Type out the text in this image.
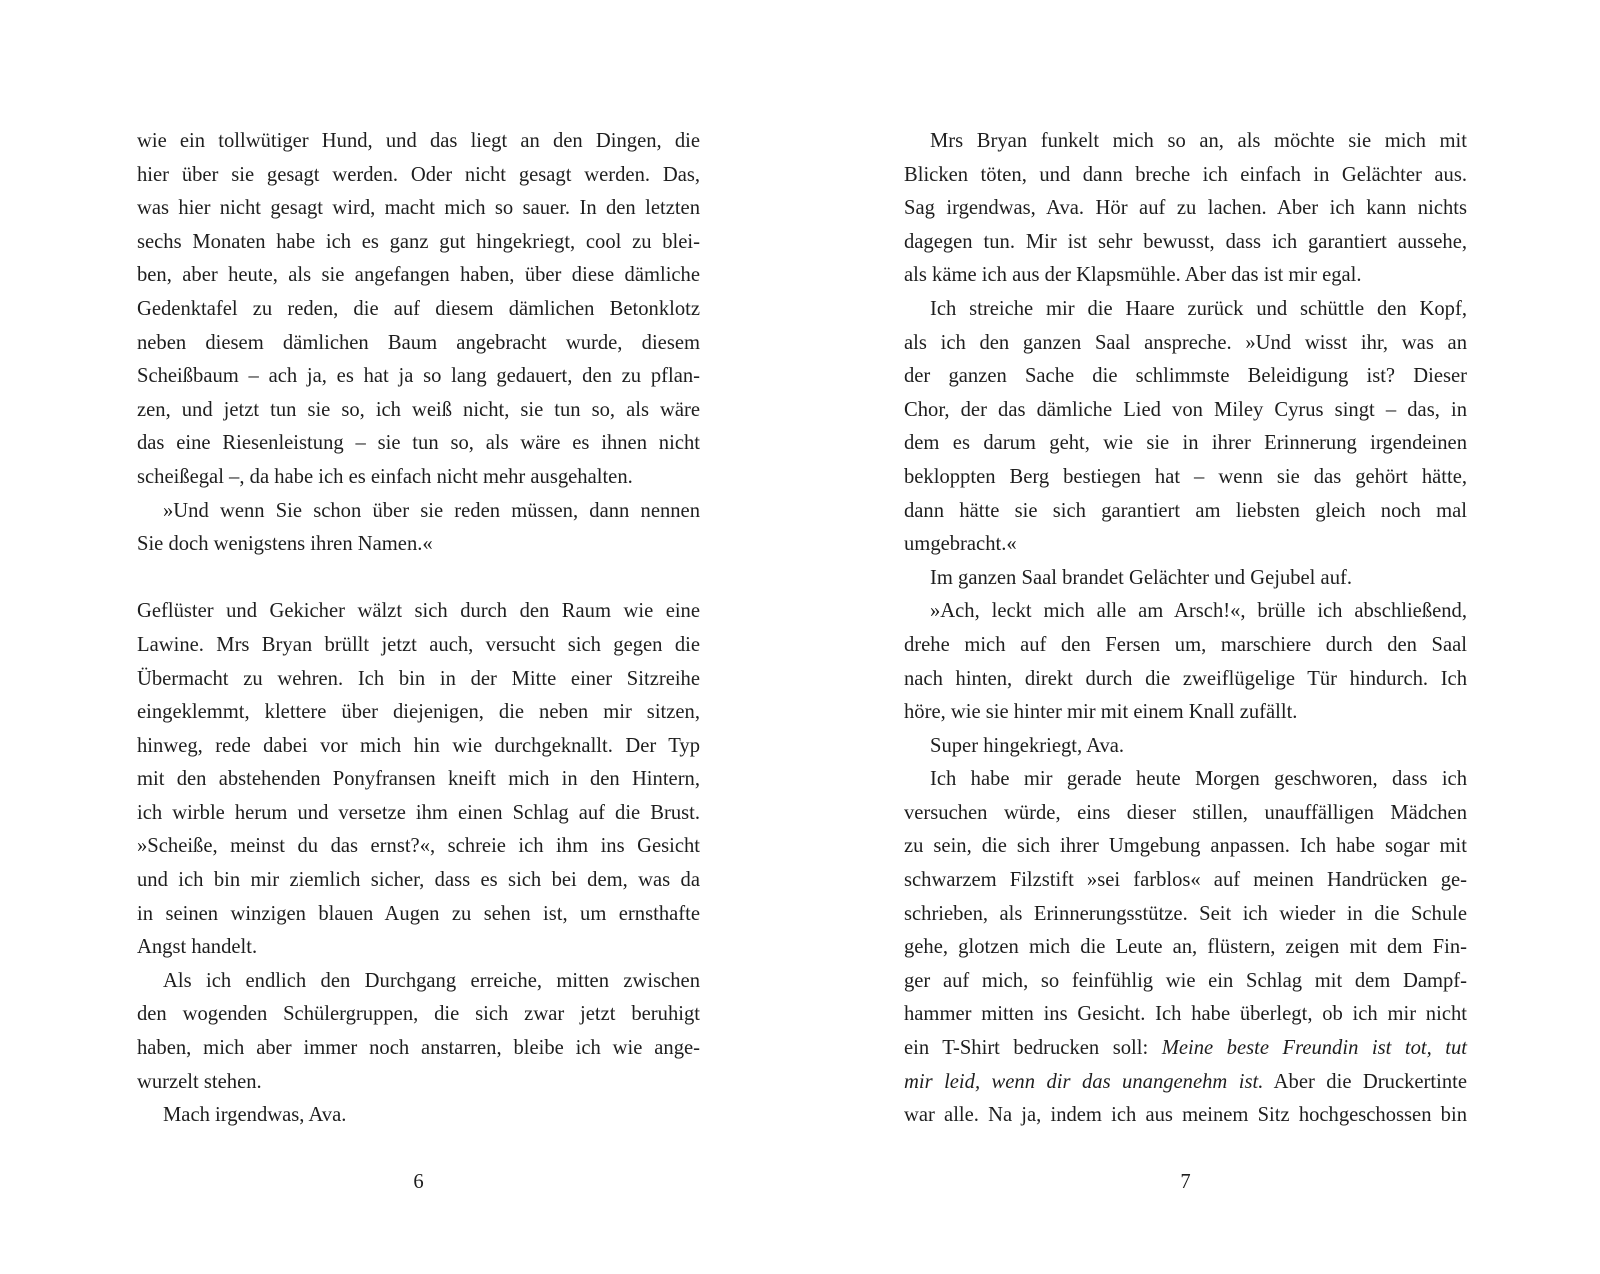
wie ein tollwütiger Hund, und das liegt an den Dingen, die
hier über sie gesagt werden. Oder nicht gesagt werden. Das,
was hier nicht gesagt wird, macht mich so sauer. In den letzten
sechs Monaten habe ich es ganz gut hingekriegt, cool zu blei-
ben, aber heute, als sie angefangen haben, über diese dämliche
Gedenktafel zu reden, die auf diesem dämlichen Betonklotz
neben diesem dämlichen Baum angebracht wurde, diesem
Scheißbaum – ach ja, es hat ja so lang gedauert, den zu pflan-
zen, und jetzt tun sie so, ich weiß nicht, sie tun so, als wäre
das eine Riesenleistung – sie tun so, als wäre es ihnen nicht
scheißegal –, da habe ich es einfach nicht mehr ausgehalten.
»Und wenn Sie schon über sie reden müssen, dann nennen
Sie doch wenigstens ihren Namen.«
Geflüster und Gekicher wälzt sich durch den Raum wie eine
Lawine. Mrs Bryan brüllt jetzt auch, versucht sich gegen die
Übermacht zu wehren. Ich bin in der Mitte einer Sitzreihe
eingeklemmt, klettere über diejenigen, die neben mir sitzen,
hinweg, rede dabei vor mich hin wie durchgeknallt. Der Typ
mit den abstehenden Ponyfransen kneift mich in den Hintern,
ich wirble herum und versetze ihm einen Schlag auf die Brust.
»Scheiße, meinst du das ernst?«, schreie ich ihm ins Gesicht
und ich bin mir ziemlich sicher, dass es sich bei dem, was da
in seinen winzigen blauen Augen zu sehen ist, um ernsthafte
Angst handelt.
Als ich endlich den Durchgang erreiche, mitten zwischen
den wogenden Schülergruppen, die sich zwar jetzt beruhigt
haben, mich aber immer noch anstarren, bleibe ich wie ange-
wurzelt stehen.
Mach irgendwas, Ava.
6
Mrs Bryan funkelt mich so an, als möchte sie mich mit
Blicken töten, und dann breche ich einfach in Gelächter aus.
Sag irgendwas, Ava. Hör auf zu lachen. Aber ich kann nichts
dagegen tun. Mir ist sehr bewusst, dass ich garantiert aussehe,
als käme ich aus der Klapsmühle. Aber das ist mir egal.
Ich streiche mir die Haare zurück und schüttle den Kopf,
als ich den ganzen Saal anspreche. »Und wisst ihr, was an
der ganzen Sache die schlimmste Beleidigung ist? Dieser
Chor, der das dämliche Lied von Miley Cyrus singt – das, in
dem es darum geht, wie sie in ihrer Erinnerung irgendeinen
bekloppten Berg bestiegen hat – wenn sie das gehört hätte,
dann hätte sie sich garantiert am liebsten gleich noch mal
umgebracht.«
Im ganzen Saal brandet Gelächter und Gejubel auf.
»Ach, leckt mich alle am Arsch!«, brülle ich abschließend,
drehe mich auf den Fersen um, marschiere durch den Saal
nach hinten, direkt durch die zweiflügelige Tür hindurch. Ich
höre, wie sie hinter mir mit einem Knall zufällt.
Super hingekriegt, Ava.
Ich habe mir gerade heute Morgen geschworen, dass ich
versuchen würde, eins dieser stillen, unauffälligen Mädchen
zu sein, die sich ihrer Umgebung anpassen. Ich habe sogar mit
schwarzem Filzstift »sei farblos« auf meinen Handrücken ge-
schrieben, als Erinnerungsstütze. Seit ich wieder in die Schule
gehe, glotzen mich die Leute an, flüstern, zeigen mit dem Fin-
ger auf mich, so feinfühlig wie ein Schlag mit dem Dampf-
hammer mitten ins Gesicht. Ich habe überlegt, ob ich mir nicht
ein T-Shirt bedrucken soll: Meine beste Freundin ist tot, tut
mir leid, wenn dir das unangenehm ist. Aber die Druckertinte
war alle. Na ja, indem ich aus meinem Sitz hochgeschossen bin
7
